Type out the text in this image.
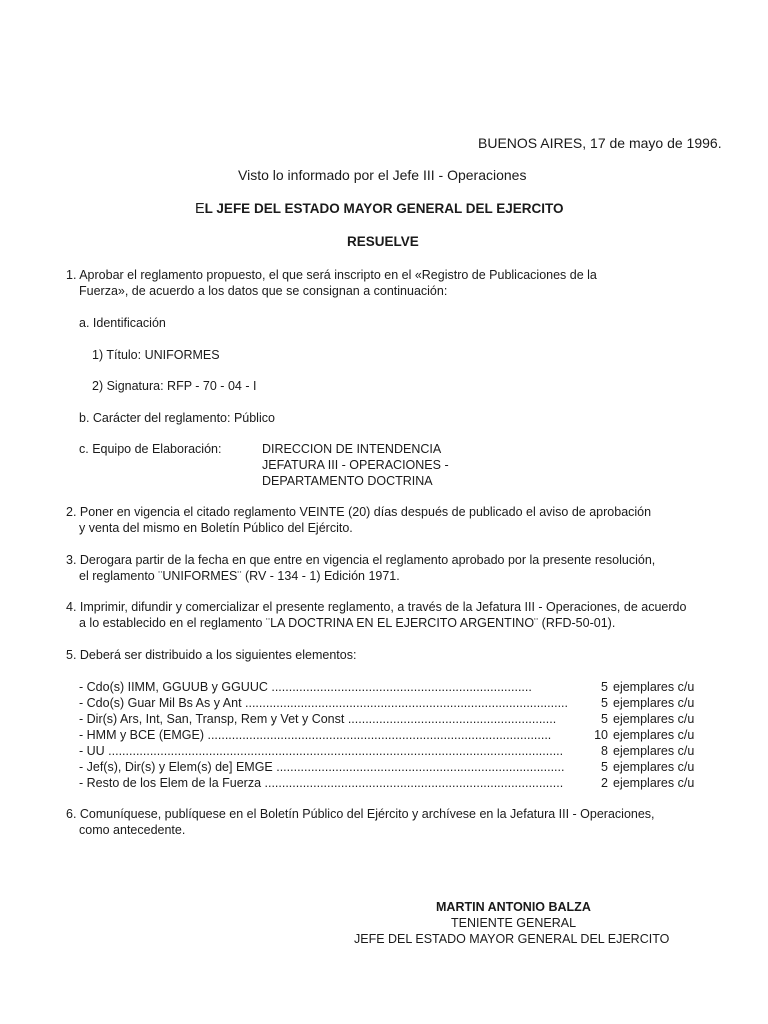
BUENOS AIRES, 17 de mayo de 1996.
Visto lo informado por el Jefe III - Operaciones
EL JEFE DEL ESTADO MAYOR GENERAL DEL EJERCITO
RESUELVE
1. Aprobar el reglamento propuesto, el que será inscripto en el «Registro de Publicaciones de la
Fuerza», de acuerdo a los datos que se consignan a continuación:
a. Identificación
1) Título: UNIFORMES
2) Signatura: RFP - 70 - 04 - I
b. Carácter del reglamento: Público
c. Equipo de Elaboración:	DIRECCION DE INTENDENCIA
JEFATURA III - OPERACIONES -
DEPARTAMENTO DOCTRINA
2. Poner en vigencia el citado reglamento VEINTE (20) días después de publicado el aviso de aprobación
y venta del mismo en Boletín Público del Ejército.
3. Derogara partir de la fecha en que entre en vigencia el reglamento aprobado por la presente resolución,
el reglamento ¨UNIFORMES¨ (RV - 134 - 1) Edición 1971.
4. Imprimir, difundir y comercializar el presente reglamento, a través de la Jefatura III - Operaciones, de acuerdo
a lo establecido en el reglamento ¨LA DOCTRINA EN EL EJERCITO ARGENTINO¨ (RFD-50-01).
5. Deberá ser distribuido a los siguientes elementos:
- Cdo(s) IIMM, GGUUB y GGUUC ...........................................................................	5 ejemplares c/u
- Cdo(s) Guar Mil Bs As y Ant .............................................................................................	5 ejemplares c/u
- Dir(s) Ars, Int, San, Transp, Rem y Vet y Const ............................................................	5 ejemplares c/u
- HMM y BCE (EMGE) ...................................................................................................	10 ejemplares c/u
- UU ...................................................................................................................................	8 ejemplares c/u
- Jef(s), Dir(s) y Elem(s) de] EMGE ...................................................................................	5 ejemplares c/u
- Resto de los Elem de la Fuerza ......................................................................................	2 ejemplares c/u
6. Comuníquese, publíquese en el Boletín Público del Ejército y archívese en la Jefatura III - Operaciones,
como antecedente.
MARTIN ANTONIO BALZA
TENIENTE GENERAL
JEFE DEL ESTADO MAYOR GENERAL DEL EJERCITO
